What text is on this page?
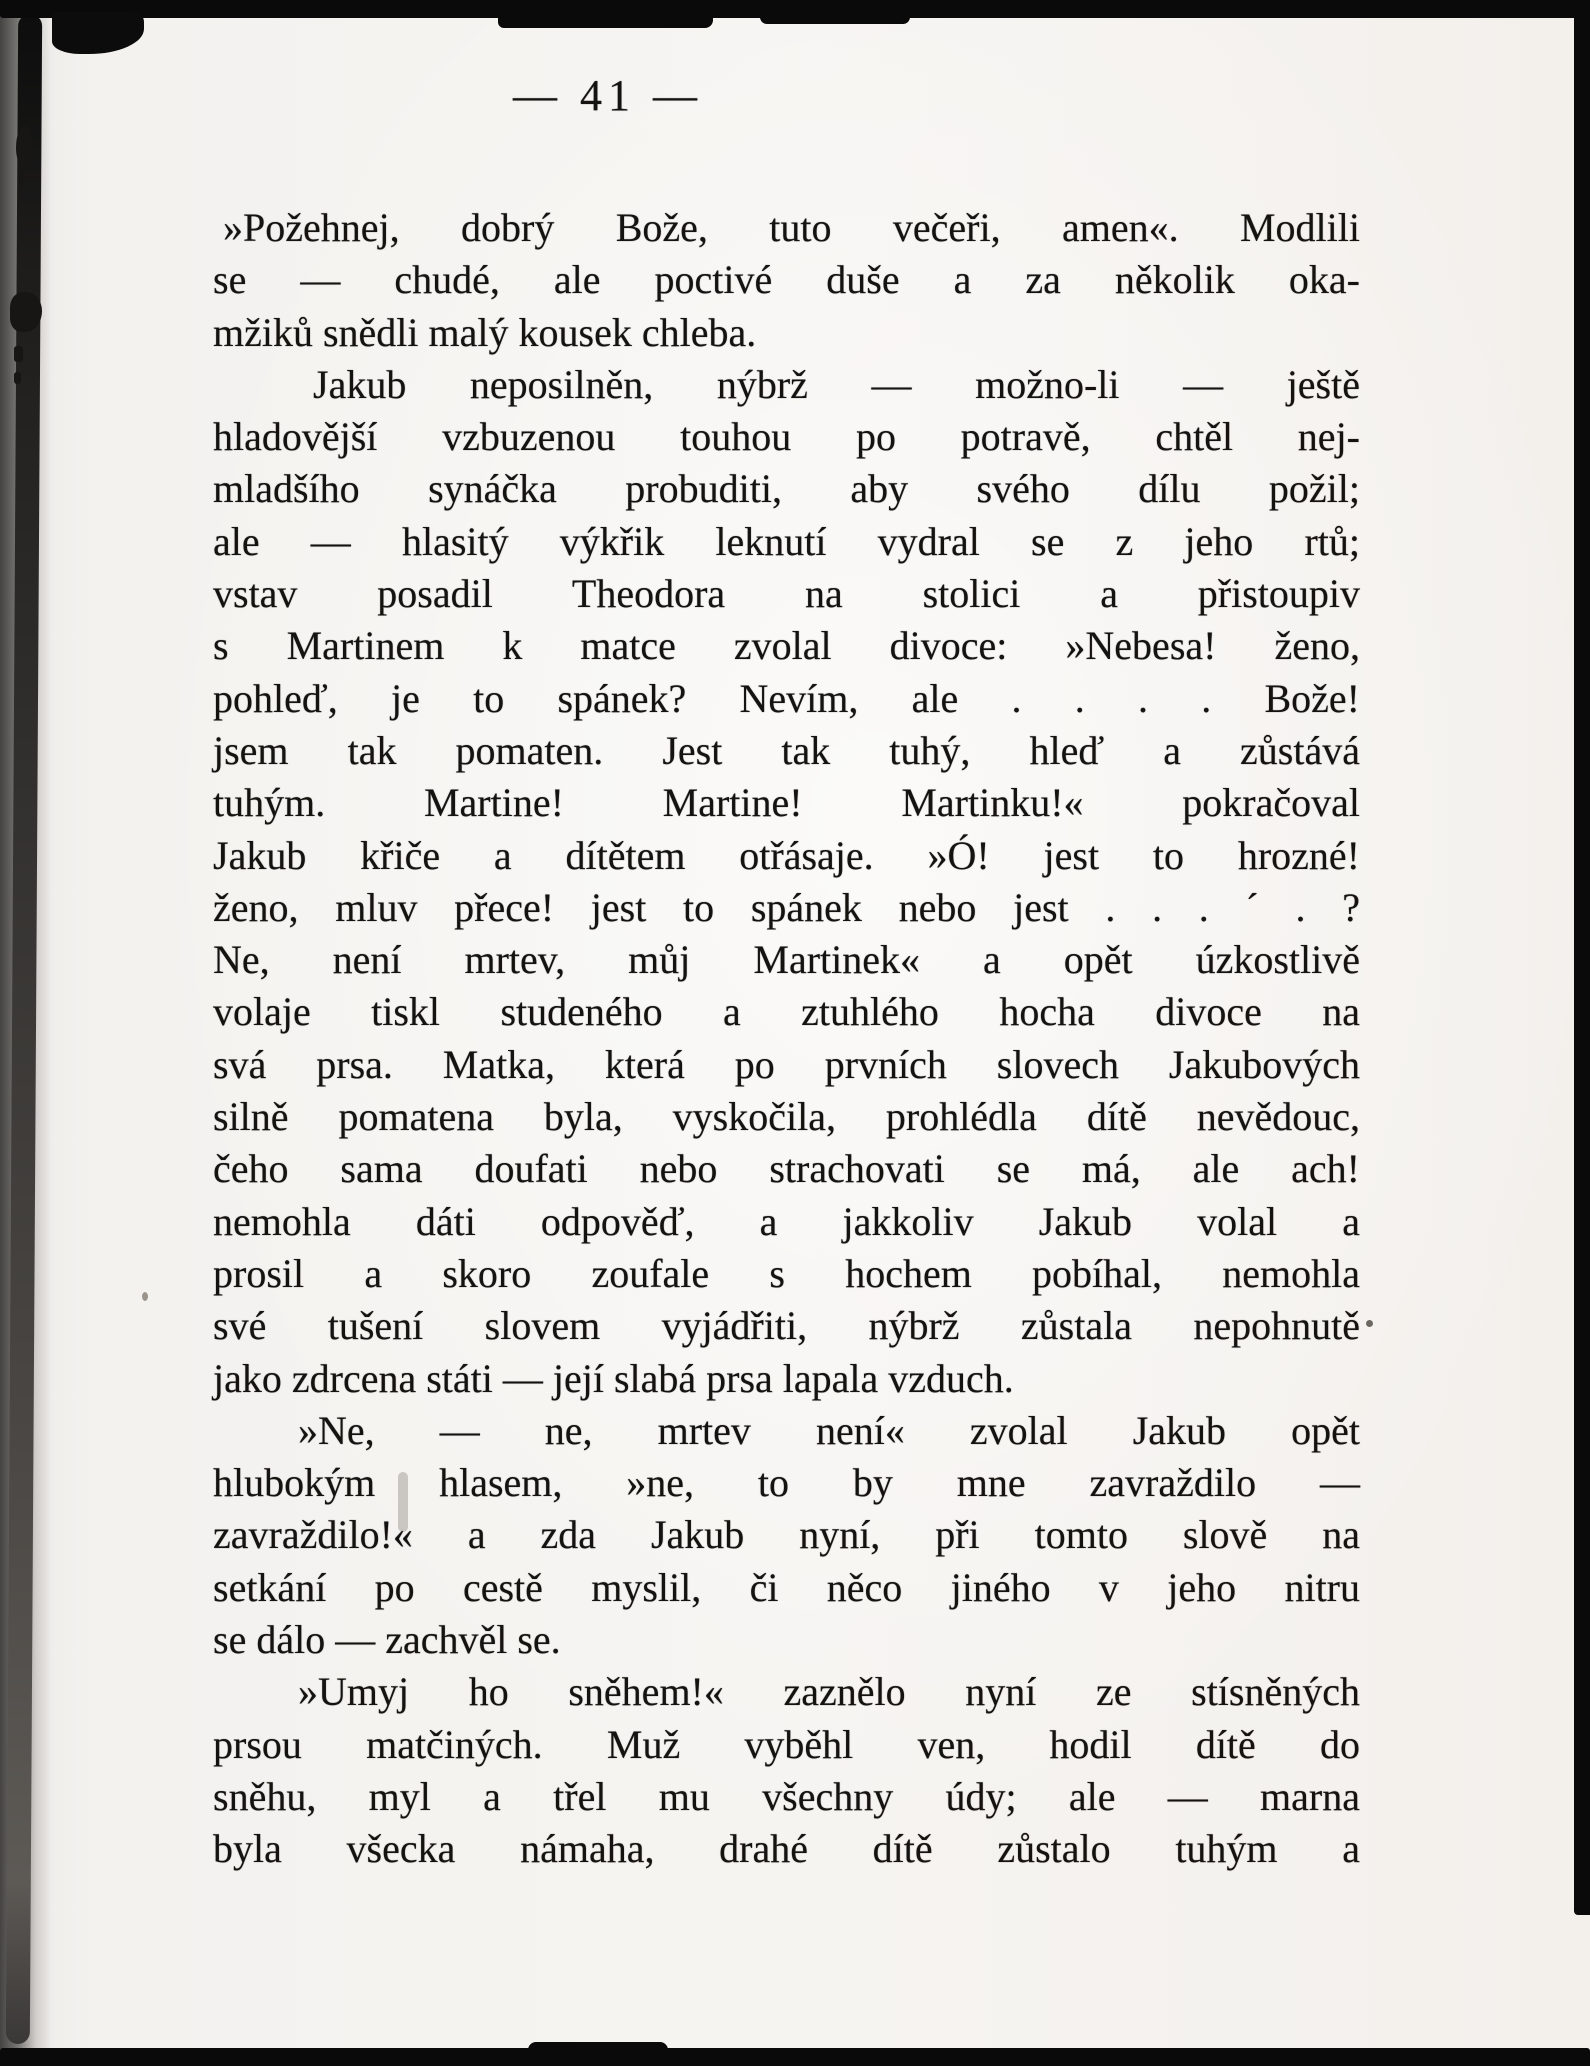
— 41 —
»Požehnej, dobrý Bože, tuto večeři, amen«. Modlili
se — chudé, ale poctivé duše a za několik oka-
mžiků snědli malý kousek chleba.
Jakub neposilněn, nýbrž — možno-li — ještě
hladovější vzbuzenou touhou po potravě, chtěl nej-
mladšího synáčka probuditi, aby svého dílu požil;
ale — hlasitý výkřik leknutí vydral se z jeho rtů;
vstav posadil Theodora na stolici a přistoupiv
s Martinem k matce zvolal divoce: »Nebesa! ženo,
pohleď, je to spánek? Nevím, ale . . . . Bože!
jsem tak pomaten. Jest tak tuhý, hleď a zůstává
tuhým. Martine! Martine! Martinku!« pokračoval
Jakub křiče a dítětem otřásaje. »Ó! jest to hrozné!
ženo, mluv přece! jest to spánek nebo jest . . . ´ . ?
Ne, není mrtev, můj Martinek« a opět úzkostlivě
volaje tiskl studeného a ztuhlého hocha divoce na
svá prsa. Matka, která po prvních slovech Jakubových
silně pomatena byla, vyskočila, prohlédla dítě nevědouc,
čeho sama doufati nebo strachovati se má, ale ach!
nemohla dáti odpověď, a jakkoliv Jakub volal a
prosil a skoro zoufale s hochem pobíhal, nemohla
své tušení slovem vyjádřiti, nýbrž zůstala nepohnutě
jako zdrcena státi — její slabá prsa lapala vzduch.
»Ne, — ne, mrtev není« zvolal Jakub opět
hlubokým hlasem, »ne, to by mne zavraždilo —
zavraždilo!« a zda Jakub nyní, při tomto slově na
setkání po cestě myslil, či něco jiného v jeho nitru
se dálo — zachvěl se.
»Umyj ho sněhem!« zaznělo nyní ze stísněných
prsou matčiných. Muž vyběhl ven, hodil dítě do
sněhu, myl a třel mu všechny údy; ale — marna
byla všecka námaha, drahé dítě zůstalo tuhým a
